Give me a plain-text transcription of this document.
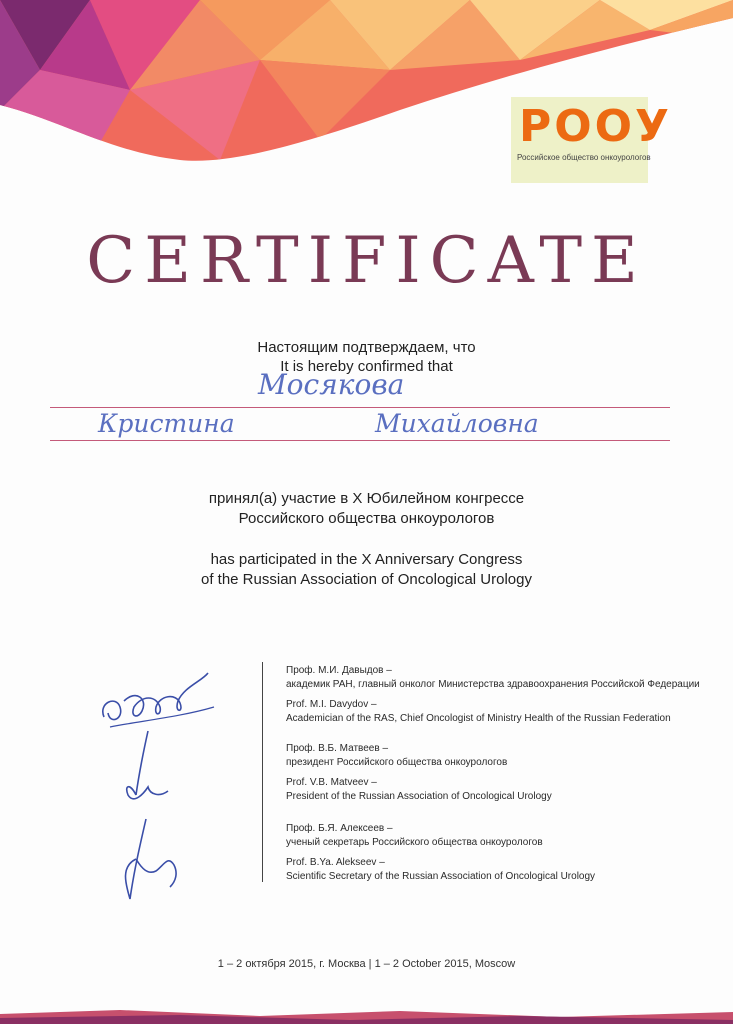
РООУ
Российское общество онкоурологов
CERTIFICATE
Настоящим подтверждаем, что
It is hereby confirmed that
Мосякова
Кристина	Михайловна
принял(а) участие в X Юбилейном конгрессе
Российского общества онкоурологов
has participated in the X Anniversary Congress
of the Russian Association of Oncological Urology
Проф. М.И. Давыдов –
академик РАН, главный онколог Министерства здравоохранения Российской Федерации
Prof. M.I. Davydov –
Academician of the RAS, Chief Oncologist of Ministry Health of the Russian Federation
Проф. В.Б. Матвеев –
президент Российского общества онкоурологов
Prof. V.B. Matveev –
President of the Russian Association of Oncological Urology
Проф. Б.Я. Алексеев –
ученый секретарь Российского общества онкоурологов
Prof. B.Ya. Alekseev –
Scientific Secretary of the Russian Association of Oncological Urology
1 – 2 октября 2015, г. Москва | 1 – 2 October 2015, Moscow
